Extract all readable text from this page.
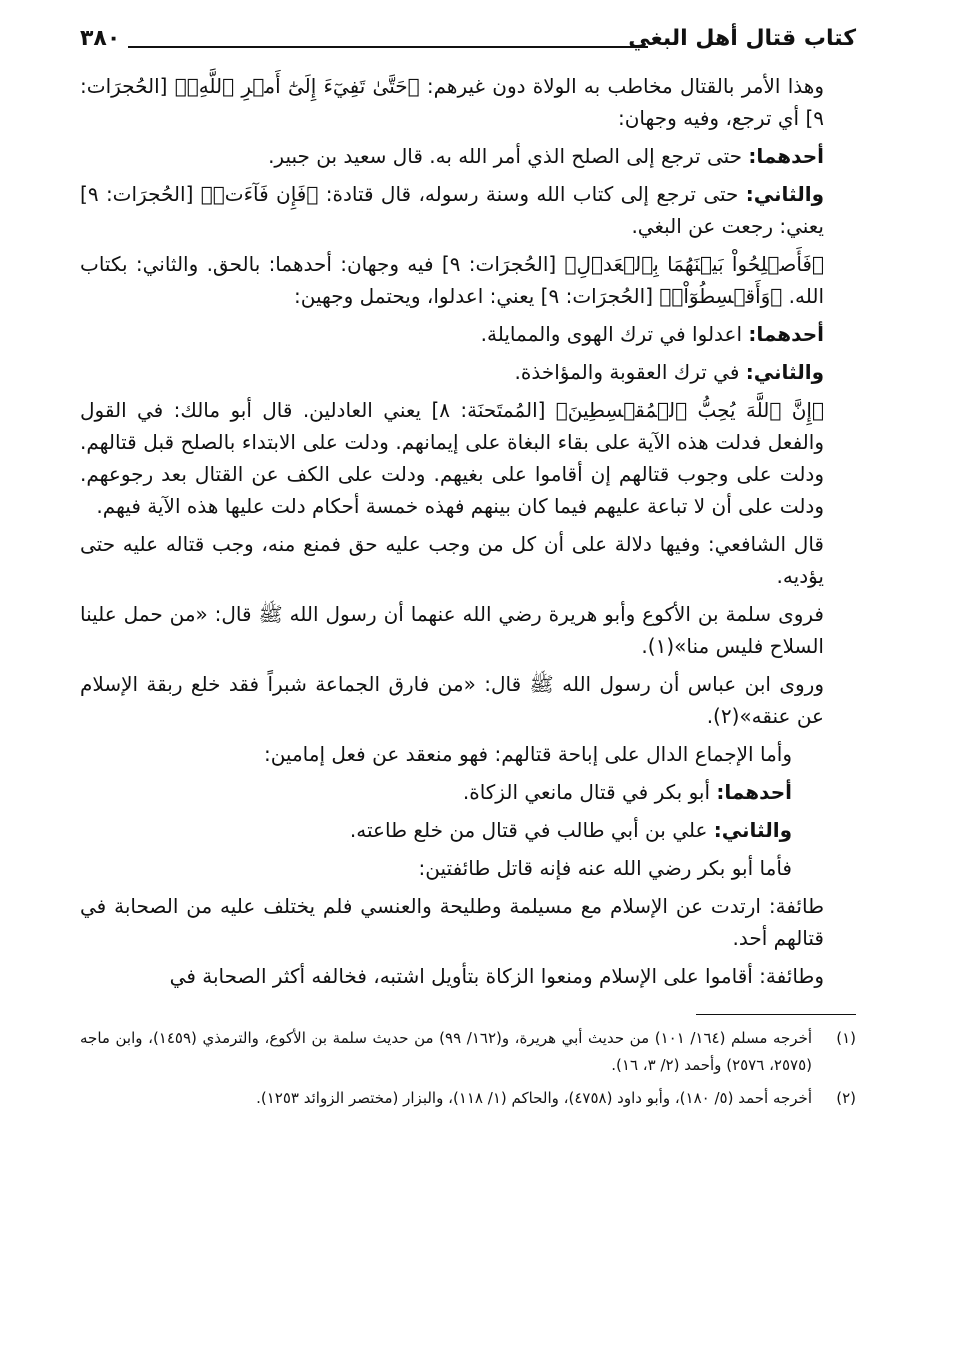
كتاب قتال أهل البغي
٣٨٠
وهذا الأمر بالقتال مخاطب به الولاة دون غيرهم: ﴿حَتَّىٰ تَفِيٓءَ إِلَىٰٓ أَمۡرِ ٱللَّهِۚ﴾ [الحُجرَات: ٩] أي ترجع، وفيه وجهان:
أحدهما: حتى ترجع إلى الصلح الذي أمر الله به. قال سعيد بن جبير.
والثاني: حتى ترجع إلى كتاب الله وسنة رسوله، قال قتادة: ﴿فَإِن فَآءَتۡ﴾ [الحُجرَات: ٩] يعني: رجعت عن البغي.
﴿فَأَصۡلِحُواْ بَيۡنَهُمَا بِٱلۡعَدۡلِ﴾ [الحُجرَات: ٩] فيه وجهان: أحدهما: بالحق. والثاني: بكتاب الله. ﴿وَأَقۡسِطُوٓاْۖ﴾ [الحُجرَات: ٩] يعني: اعدلوا، ويحتمل وجهين:
أحدهما: اعدلوا في ترك الهوى والممايلة.
والثاني: في ترك العقوبة والمؤاخذة.
﴿إِنَّ ٱللَّهَ يُحِبُّ ٱلۡمُقۡسِطِينَ﴾ [المُمتَحنَة: ٨] يعني العادلين. قال أبو مالك: في القول والفعل فدلت هذه الآية على بقاء البغاة على إيمانهم. ودلت على الابتداء بالصلح قبل قتالهم. ودلت على وجوب قتالهم إن أقاموا على بغيهم. ودلت على الكف عن القتال بعد رجوعهم. ودلت على أن لا تباعة عليهم فيما كان بينهم فهذه خمسة أحكام دلت عليها هذه الآية فيهم.
قال الشافعي: وفيها دلالة على أن كل من وجب عليه حق فمنع منه، وجب قتاله عليه حتى يؤديه.
فروى سلمة بن الأكوع وأبو هريرة رضي الله عنهما أن رسول الله ﷺ قال: «من حمل علينا السلاح فليس منا»(١).
وروى ابن عباس أن رسول الله ﷺ قال: «من فارق الجماعة شبراً فقد خلع ربقة الإسلام عن عنقه»(٢).
وأما الإجماع الدال على إباحة قتالهم: فهو منعقد عن فعل إمامين:
أحدهما: أبو بكر في قتال مانعي الزكاة.
والثاني: علي بن أبي طالب في قتال من خلع طاعته.
فأما أبو بكر رضي الله عنه فإنه قاتل طائفتين:
طائفة: ارتدت عن الإسلام مع مسيلمة وطليحة والعنسي فلم يختلف عليه من الصحابة في قتالهم أحد.
وطائفة: أقاموا على الإسلام ومنعوا الزكاة بتأويل اشتبه، فخالفه أكثر الصحابة في
(١)
أخرجه مسلم (١٦٤/ ١٠١) من حديث أبي هريرة، و(١٦٢/ ٩٩) من حديث سلمة بن الأكوع، والترمذي (١٤٥٩)، وابن ماجه (٢٥٧٥، ٢٥٧٦) وأحمد (٢/ ٣، ١٦).
(٢)
أخرجه أحمد (٥/ ١٨٠)، وأبو داود (٤٧٥٨)، والحاكم (١/ ١١٨)، والبزار (مختصر الزوائد ١٢٥٣).
